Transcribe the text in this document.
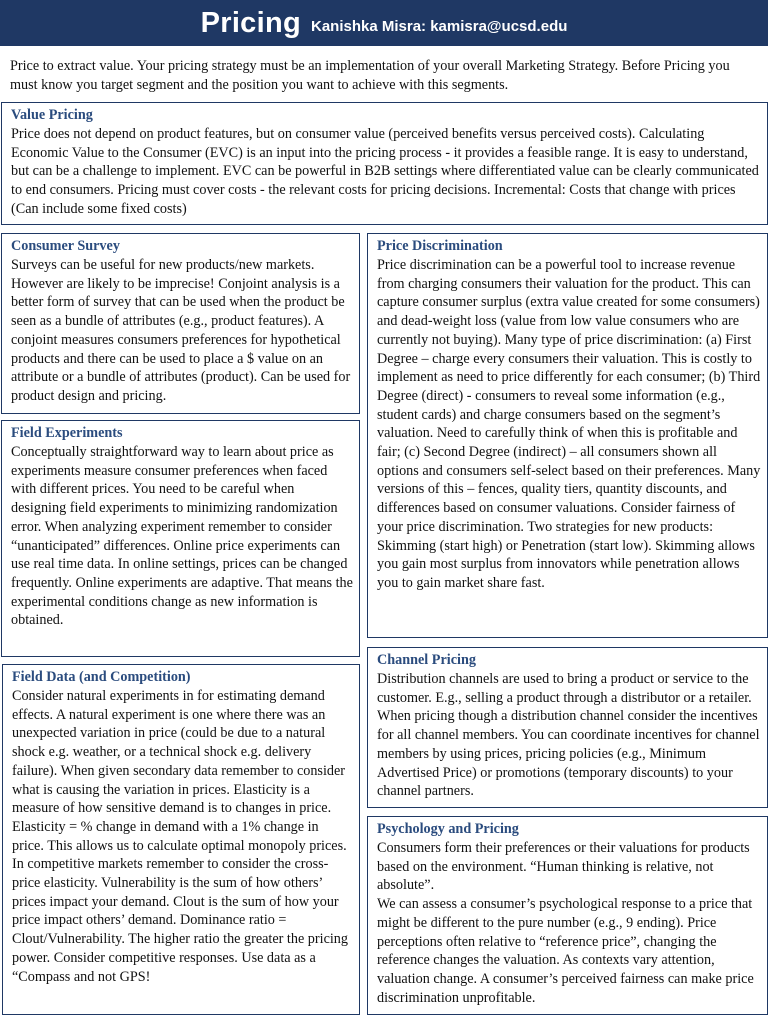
Pricing Kanishka Misra: kamisra@ucsd.edu
Price to extract value. Your pricing strategy must be an implementation of your overall Marketing Strategy. Before Pricing you must know you target segment and the position you want to achieve with this segments.
Value Pricing

Price does not depend on product features, but on consumer value (perceived benefits versus perceived costs). Calculating Economic Value to the Consumer (EVC) is an input into the pricing process - it provides a feasible range. It is easy to understand, but can be a challenge to implement. EVC can be powerful in B2B settings where differentiated value can be clearly communicated to end consumers. Pricing must cover costs - the relevant costs for pricing decisions. Incremental: Costs that change with prices (Can include some fixed costs)

Consumer Survey

Surveys can be useful for new products/new markets. However are likely to be imprecise! Conjoint analysis is a better form of survey that can be used when the product be seen as a bundle of attributes (e.g., product features). A conjoint measures consumers preferences for hypothetical products and there can be used to place a $ value on an attribute or a bundle of attributes (product). Can be used for product design and pricing.

Field Experiments

Conceptually straightforward way to learn about price as experiments measure consumer preferences when faced with different prices. You need to be careful when designing field experiments to minimizing randomization error. When analyzing experiment remember to consider “unanticipated” differences. Online price experiments can use real time data. In online settings, prices can be changed frequently. Online experiments are adaptive. That means the experimental conditions change as new information is obtained.

Field Data (and Competition)

Consider natural experiments in for estimating demand effects. A natural experiment is one where there was an unexpected variation in price (could be due to a natural shock e.g. weather, or a technical shock e.g. delivery failure). When given secondary data remember to consider what is causing the variation in prices. Elasticity is a measure of how sensitive demand is to changes in price. Elasticity = % change in demand with a 1% change in price. This allows us to calculate optimal monopoly prices. In competitive markets remember to consider the cross-price elasticity. Vulnerability is the sum of how others’ prices impact your demand. Clout is the sum of how your price impact others’ demand. Dominance ratio = Clout/Vulnerability. The higher ratio the greater the pricing power. Consider competitive responses. Use data as a “Compass and not GPS!

Price Discrimination

Price discrimination can be a powerful tool to increase revenue from charging consumers their valuation for the product. This can capture consumer surplus (extra value created for some consumers) and dead-weight loss (value from low value consumers who are currently not buying). Many type of price discrimination: (a) First Degree – charge every consumers their valuation. This is costly to implement as need to price differently for each consumer; (b) Third Degree (direct) - consumers to reveal some information (e.g., student cards) and charge consumers based on the segment’s valuation. Need to carefully think of when this is profitable and fair; (c) Second Degree (indirect) – all consumers shown all options and consumers self-select based on their preferences. Many versions of this – fences, quality tiers, quantity discounts, and differences based on consumer valuations. Consider fairness of your price discrimination. Two strategies for new products: Skimming (start high) or Penetration (start low). Skimming allows you gain most surplus from innovators while penetration allows you to gain market share fast.

Channel Pricing

Distribution channels are used to bring a product or service to the customer. E.g., selling a product through a distributor or a retailer. When pricing though a distribution channel consider the incentives for all channel members. You can coordinate incentives for channel members by using prices, pricing policies (e.g., Minimum Advertised Price) or promotions (temporary discounts) to your channel partners.

Psychology and Pricing

Consumers form their preferences or their valuations for products based on the environment. “Human thinking is relative, not absolute”.

We can assess a consumer’s psychological response to a price that might be different to the pure number (e.g., 9 ending). Price perceptions often relative to “reference price”, changing the reference changes the valuation. As contexts vary attention, valuation change. A consumer’s perceived fairness can make price discrimination unprofitable.
